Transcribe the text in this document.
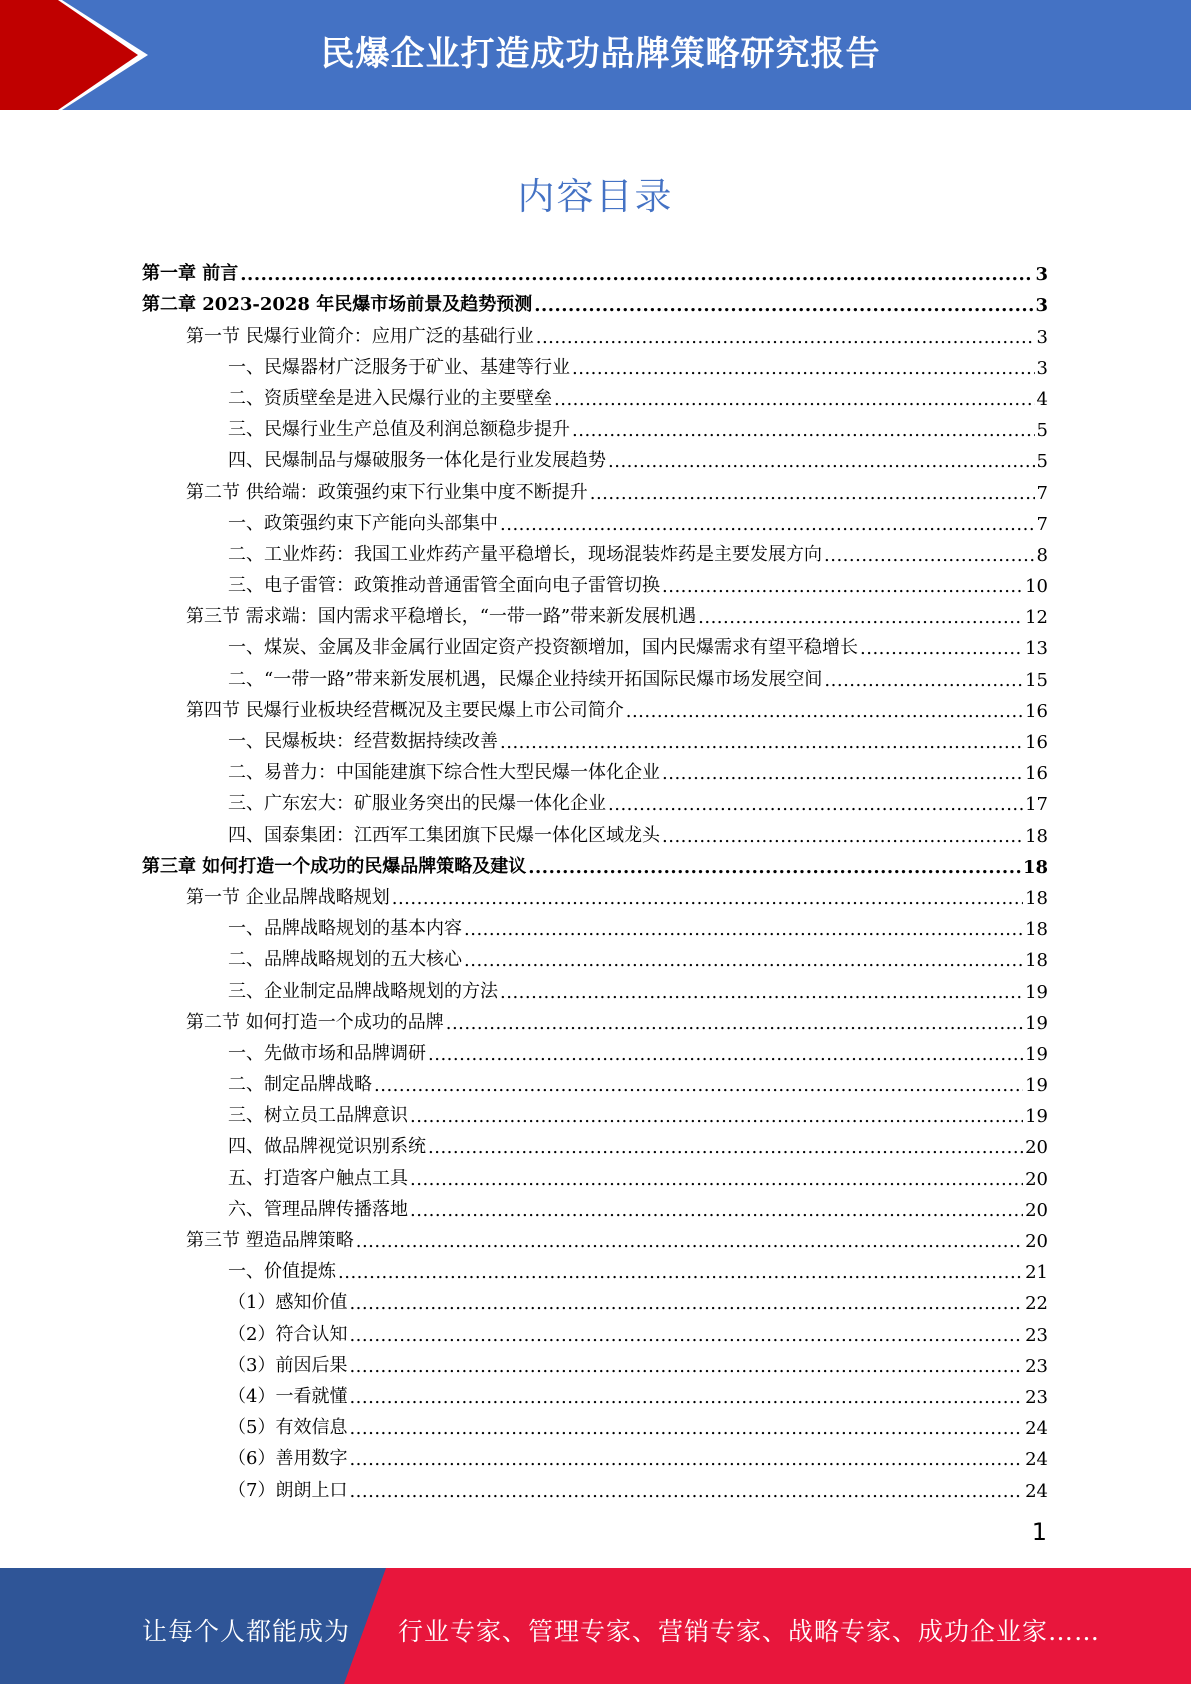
民爆企业打造成功品牌策略研究报告
内容目录
第一章 前言 .....	3
第二章 2023-2028 年民爆市场前景及趋势预测 .....	3
第一节 民爆行业简介：应用广泛的基础行业 .....	3
一、民爆器材广泛服务于矿业、基建等行业 .....	3
二、资质壁垒是进入民爆行业的主要壁垒 .....	4
三、民爆行业生产总值及利润总额稳步提升 .....	5
四、民爆制品与爆破服务一体化是行业发展趋势 .....	5
第二节 供给端：政策强约束下行业集中度不断提升 .....	7
一、政策强约束下产能向头部集中 .....	7
二、工业炸药：我国工业炸药产量平稳增长，现场混装炸药是主要发展方向 .....	8
三、电子雷管：政策推动普通雷管全面向电子雷管切换 .....	10
第三节 需求端：国内需求平稳增长，“一带一路”带来新发展机遇 .....	12
一、煤炭、金属及非金属行业固定资产投资额增加，国内民爆需求有望平稳增长 .....	13
二、“一带一路”带来新发展机遇，民爆企业持续开拓国际民爆市场发展空间 .....	15
第四节 民爆行业板块经营概况及主要民爆上市公司简介 .....	16
一、民爆板块：经营数据持续改善 .....	16
二、易普力：中国能建旗下综合性大型民爆一体化企业 .....	16
三、广东宏大：矿服业务突出的民爆一体化企业 .....	17
四、国泰集团：江西军工集团旗下民爆一体化区域龙头 .....	18
第三章 如何打造一个成功的民爆品牌策略及建议 .....	18
第一节 企业品牌战略规划 .....	18
一、品牌战略规划的基本内容 .....	18
二、品牌战略规划的五大核心 .....	18
三、企业制定品牌战略规划的方法 .....	19
第二节 如何打造一个成功的品牌 .....	19
一、先做市场和品牌调研 .....	19
二、制定品牌战略 .....	19
三、树立员工品牌意识 .....	19
四、做品牌视觉识别系统 .....	20
五、打造客户触点工具 .....	20
六、管理品牌传播落地 .....	20
第三节 塑造品牌策略 .....	20
一、价值提炼 .....	21
（1）感知价值 .....	22
（2）符合认知 .....	23
（3）前因后果 .....	23
（4）一看就懂 .....	23
（5）有效信息 .....	24
（6）善用数字 .....	24
（7）朗朗上口 .....	24
1
让每个人都能成为 行业专家、管理专家、营销专家、战略专家、成功企业家……
